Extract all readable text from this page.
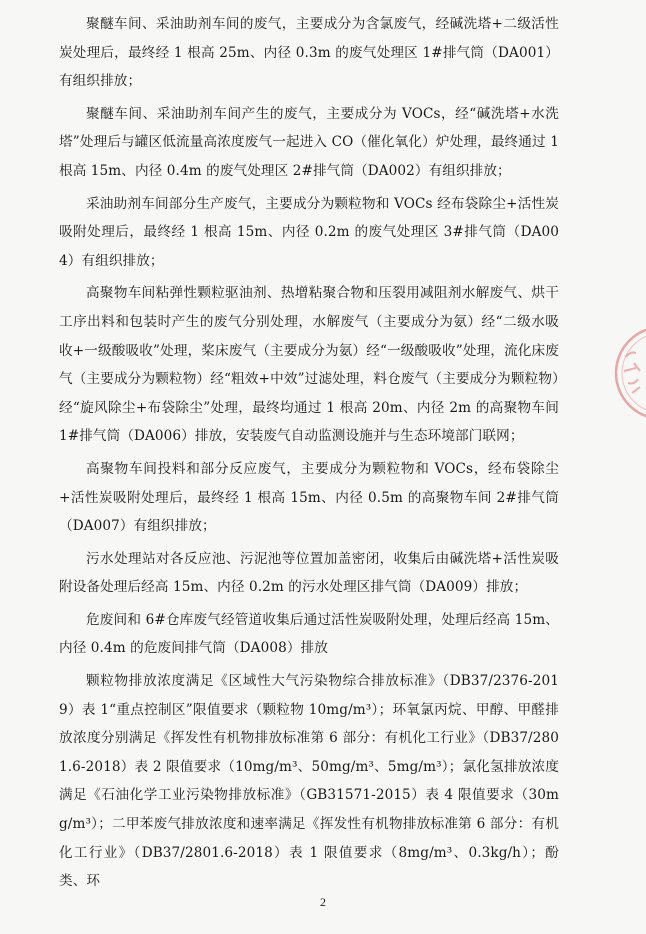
聚醚车间、采油助剂车间的废气，主要成分为含氯废气，经碱洗塔+二级活性炭处理后，最终经 1 根高 25m、内径 0.3m 的废气处理区 1#排气筒（DA001）有组织排放；

聚醚车间、采油助剂车间产生的废气，主要成分为 VOCs，经“碱洗塔+水洗塔”处理后与罐区低流量高浓度废气一起进入 CO（催化氧化）炉处理，最终通过 1 根高 15m、内径 0.4m 的废气处理区 2#排气筒（DA002）有组织排放；

采油助剂车间部分生产废气，主要成分为颗粒物和 VOCs 经布袋除尘+活性炭吸附处理后，最终经 1 根高 15m、内径 0.2m 的废气处理区 3#排气筒（DA004）有组织排放；

高聚物车间粘弹性颗粒驱油剂、热增粘聚合物和压裂用减阻剂水解废气、烘干工序出料和包装时产生的废气分别处理，水解废气（主要成分为氨）经“二级水吸收+一级酸吸收”处理，桨床废气（主要成分为氨）经“一级酸吸收”处理，流化床废气（主要成分为颗粒物）经“粗效+中效”过滤处理，料仓废气（主要成分为颗粒物）经“旋风除尘+布袋除尘”处理，最终均通过 1 根高 20m、内径 2m 的高聚物车间 1#排气筒（DA006）排放，安装废气自动监测设施并与生态环境部门联网；

高聚物车间投料和部分反应废气，主要成分为颗粒物和 VOCs，经布袋除尘+活性炭吸附处理后，最终经 1 根高 15m、内径 0.5m 的高聚物车间 2#排气筒（DA007）有组织排放；

污水处理站对各反应池、污泥池等位置加盖密闭，收集后由碱洗塔+活性炭吸附设备处理后经高 15m、内径 0.2m 的污水处理区排气筒（DA009）排放；

危废间和 6#仓库废气经管道收集后通过活性炭吸附处理，处理后经高 15m、内径 0.4m 的危废间排气筒（DA008）排放

颗粒物排放浓度满足《区域性大气污染物综合排放标准》（DB37/2376-2019）表 1“重点控制区”限值要求（颗粒物 10mg/m³）；环氧氯丙烷、甲醇、甲醛排放浓度分别满足《挥发性有机物排放标准第 6 部分：有机化工行业》（DB37/2801.6-2018）表 2 限值要求（10mg/m³、50mg/m³、5mg/m³）；氯化氢排放浓度满足《石油化学工业污染物排放标准》（GB31571-2015）表 4 限值要求（30mg/m³）；二甲苯废气排放浓度和速率满足《挥发性有机物排放标准第 6 部分：有机化工行业》（DB37/2801.6-2018）表 1 限值要求（8mg/m³、0.3kg/h）；酚类、环

2
